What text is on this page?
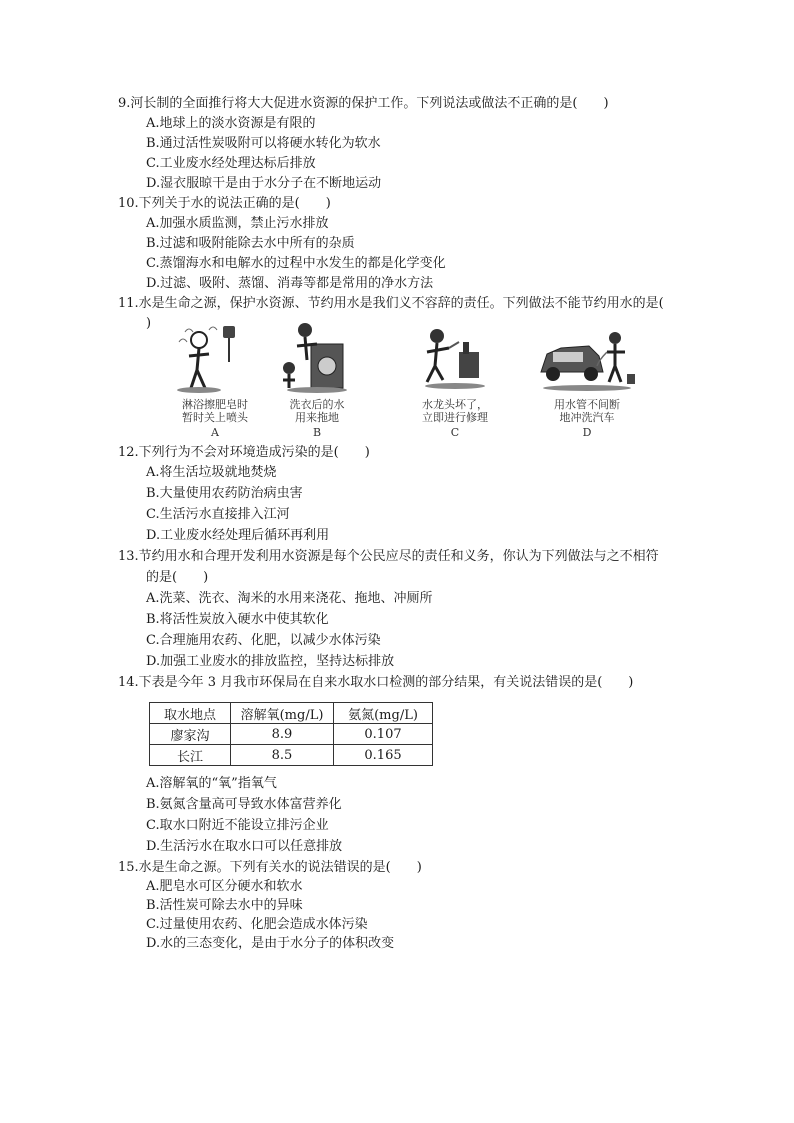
9.河长制的全面推行将大大促进水资源的保护工作。下列说法或做法不正确的是(　　)
A.地球上的淡水资源是有限的
B.通过活性炭吸附可以将硬水转化为软水
C.工业废水经处理达标后排放
D.湿衣服晾干是由于水分子在不断地运动
10.下列关于水的说法正确的是(　　)
A.加强水质监测，禁止污水排放
B.过滤和吸附能除去水中所有的杂质
C.蒸馏海水和电解水的过程中水发生的都是化学变化
D.过滤、吸附、蒸馏、消毒等都是常用的净水方法
11.水是生命之源，保护水资源、节约用水是我们义不容辞的责任。下列做法不能节约用水的是(
)
淋浴擦肥皂时
暂时关上喷头
A
洗衣后的水
用来拖地
B
水龙头坏了，
立即进行修理
C
用水管不间断
地冲洗汽车
D
12.下列行为不会对环境造成污染的是(　　)
A.将生活垃圾就地焚烧
B.大量使用农药防治病虫害
C.生活污水直接排入江河
D.工业废水经处理后循环再利用
13.节约用水和合理开发利用水资源是每个公民应尽的责任和义务，你认为下列做法与之不相符
的是(　　)
A.洗菜、洗衣、淘米的水用来浇花、拖地、冲厕所
B.将活性炭放入硬水中使其软化
C.合理施用农药、化肥，以减少水体污染
D.加强工业废水的排放监控，坚持达标排放
14.下表是今年 3 月我市环保局在自来水取水口检测的部分结果，有关说法错误的是(　　)
取水地点	溶解氧(mg/L)	氨氮(mg/L)
廖家沟	8.9	0.107
长江	8.5	0.165
A.溶解氧的“氧”指氧气
B.氨氮含量高可导致水体富营养化
C.取水口附近不能设立排污企业
D.生活污水在取水口可以任意排放
15.水是生命之源。下列有关水的说法错误的是(　　)
A.肥皂水可区分硬水和软水
B.活性炭可除去水中的异味
C.过量使用农药、化肥会造成水体污染
D.水的三态变化，是由于水分子的体积改变
